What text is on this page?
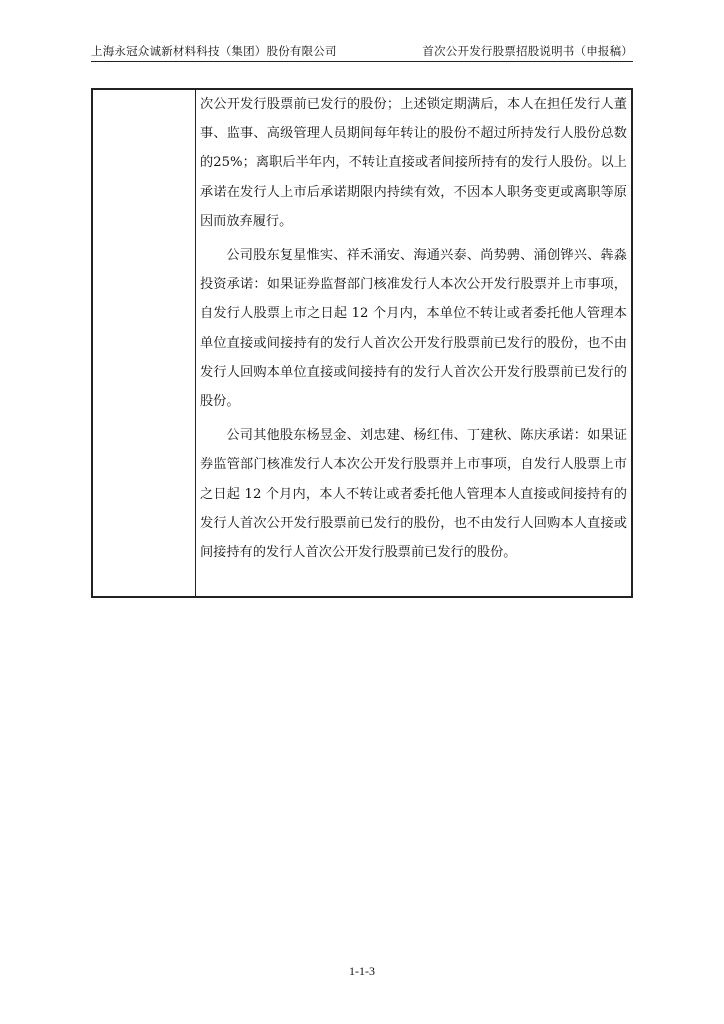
上海永冠众诚新材料科技（集团）股份有限公司	首次公开发行股票招股说明书（申报稿）

次公开发行股票前已发行的股份；上述锁定期满后，本人在担任发行人董事、监事、高级管理人员期间每年转让的股份不超过所持发行人股份总数的25%；离职后半年内，不转让直接或者间接所持有的发行人股份。以上承诺在发行人上市后承诺期限内持续有效，不因本人职务变更或离职等原因而放弃履行。

公司股东复星惟实、祥禾涌安、海通兴泰、尚势骋、涌创铧兴、犇淼投资承诺：如果证券监督部门核准发行人本次公开发行股票并上市事项，自发行人股票上市之日起 12 个月内，本单位不转让或者委托他人管理本单位直接或间接持有的发行人首次公开发行股票前已发行的股份，也不由发行人回购本单位直接或间接持有的发行人首次公开发行股票前已发行的股份。

公司其他股东杨昱金、刘忠建、杨红伟、丁建秋、陈庆承诺：如果证券监管部门核准发行人本次公开发行股票并上市事项，自发行人股票上市之日起 12 个月内，本人不转让或者委托他人管理本人直接或间接持有的发行人首次公开发行股票前已发行的股份，也不由发行人回购本人直接或间接持有的发行人首次公开发行股票前已发行的股份。

1-1-3
